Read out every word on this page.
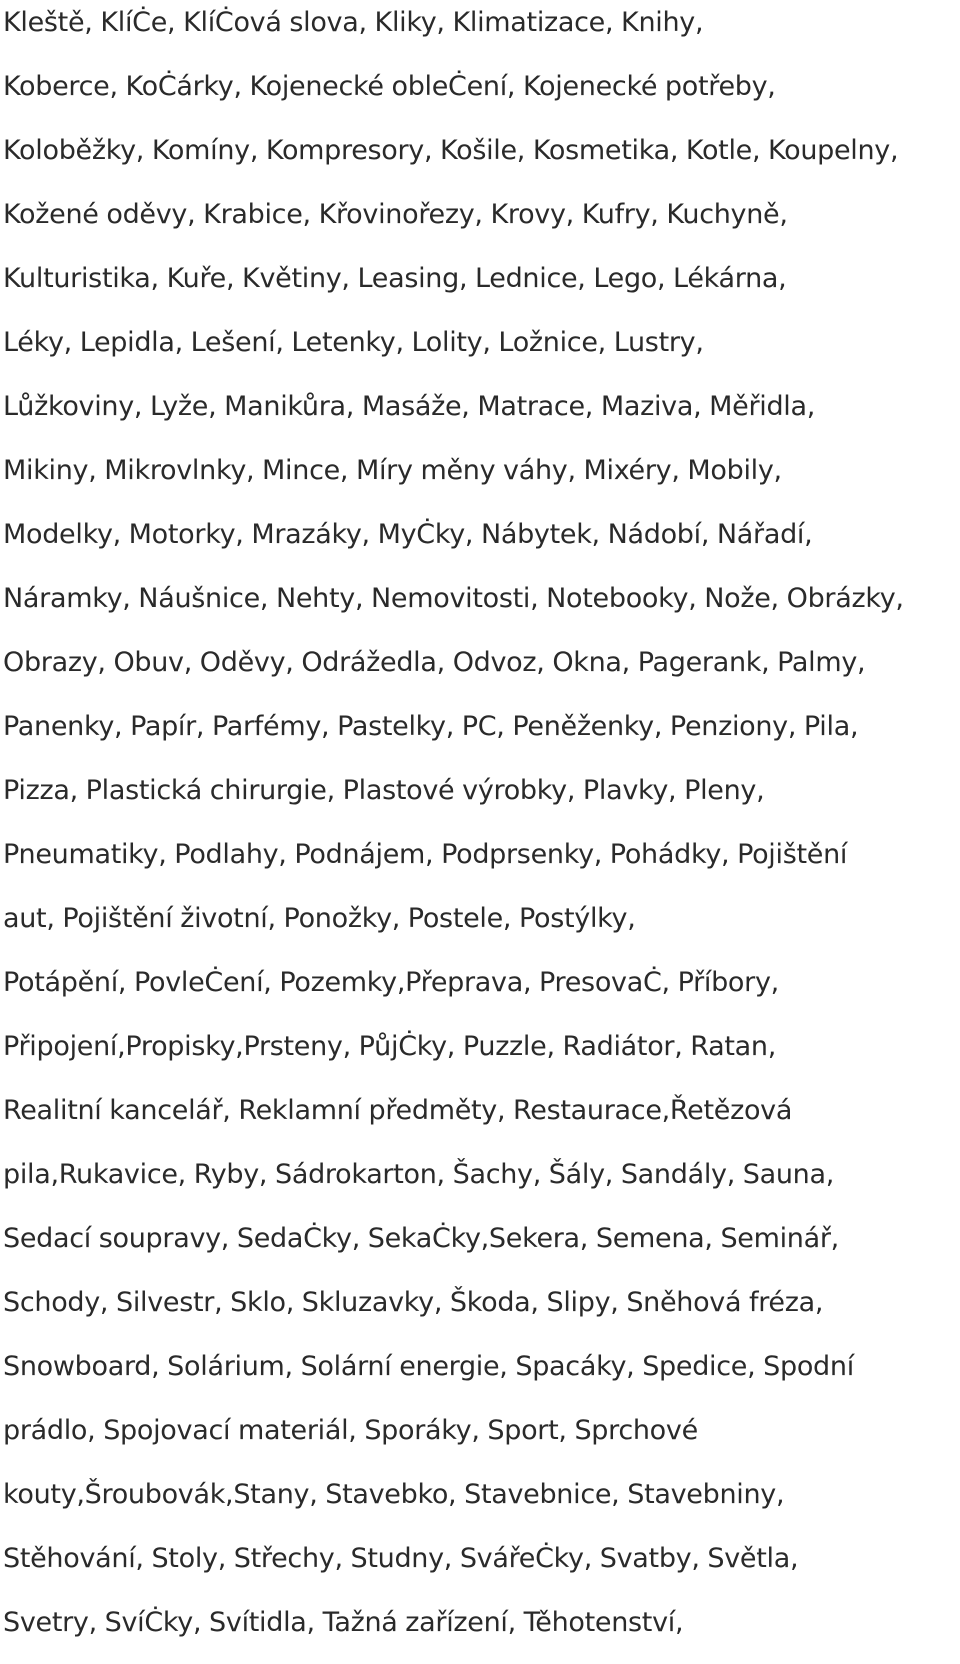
Kleště, KlíĊe, KlíĊová slova, Kliky, Klimatizace, Knihy,
Koberce, KoĊárky, Kojenecké obleĊení, Kojenecké potřeby,
Koloběžky, Komíny, Kompresory, Košile, Kosmetika, Kotle, Koupelny,
Kožené oděvy, Krabice, Křovinořezy, Krovy, Kufry, Kuchyně,
Kulturistika, Kuře, Květiny, Leasing, Lednice, Lego, Lékárna,
Léky, Lepidla, Lešení, Letenky, Lolity, Ložnice, Lustry,
Lůžkoviny, Lyže, Manikůra, Masáže, Matrace, Maziva, Měřidla,
Mikiny, Mikrovlnky, Mince, Míry měny váhy, Mixéry, Mobily,
Modelky, Motorky, Mrazáky, MyĊky, Nábytek, Nádobí, Nářadí,
Náramky, Náušnice, Nehty, Nemovitosti, Notebooky, Nože, Obrázky,
Obrazy, Obuv, Oděvy, Odrážedla, Odvoz, Okna, Pagerank, Palmy,
Panenky, Papír, Parfémy, Pastelky, PC, Peněženky, Penziony, Pila,
Pizza, Plastická chirurgie, Plastové výrobky, Plavky, Pleny,
Pneumatiky, Podlahy, Podnájem, Podprsenky, Pohádky, Pojištění
aut, Pojištění životní, Ponožky, Postele, Postýlky,
Potápění, PovleĊení, Pozemky,Přeprava, PresovaĊ, Příbory,
Připojení,Propisky,Prsteny, PůjĊky, Puzzle, Radiátor, Ratan,
Realitní kancelář, Reklamní předměty, Restaurace,Řetězová
pila,Rukavice, Ryby, Sádrokarton, Šachy, Šály, Sandály, Sauna,
Sedací soupravy, SedaĊky, SekaĊky,Sekera, Semena, Seminář,
Schody, Silvestr, Sklo, Skluzavky, Škoda, Slipy, Sněhová fréza,
Snowboard, Solárium, Solární energie, Spacáky, Spedice, Spodní
prádlo, Spojovací materiál, Sporáky, Sport, Sprchové
kouty,Šroubovák,Stany, Stavebko, Stavebnice, Stavebniny,
Stěhování, Stoly, Střechy, Studny, SvářeĊky, Svatby, Světla,
Svetry, SvíĊky, Svítidla, Tažná zařízení, Těhotenství,
